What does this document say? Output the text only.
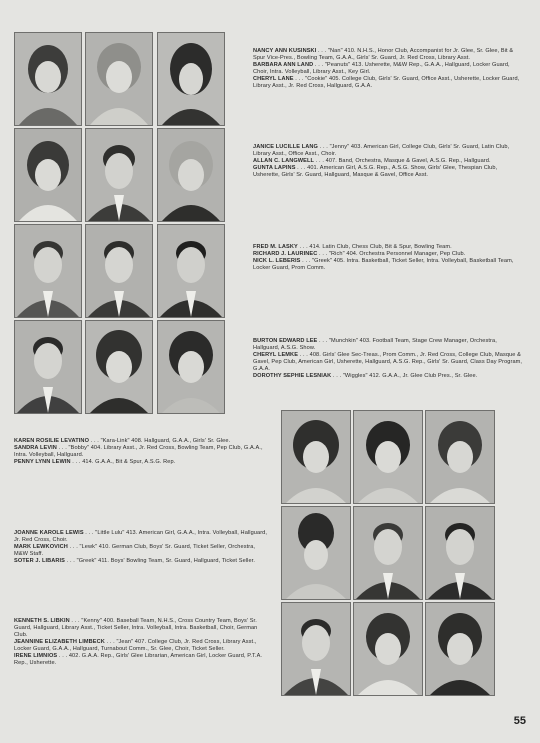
NANCY ANN KUSINSKI . . . "Nan" 410. N.H.S., Honor Club, Accompanist for Jr. Glee, Sr. Glee, Bit & Spur Vice-Pres., Bowling Team, G.A.A., Girls' Sr. Guard, Jr. Red Cross, Library Asst.

BARBARA ANN LAND . . . "Peanuts" 413. Usherette, M&W Rep., G.A.A., Hallguard, Locker Guard, Choir, Intra. Volleyball, Library Asst., Key Girl.

CHERYL LANE . . . "Cookie" 405. College Club, Girls' Sr. Guard, Office Asst., Usherette, Locker Guard, Library Asst., Jr. Red Cross, Hallguard, G.A.A.

JANICE LUCILLE LANG . . . "Jenny" 403. American Girl, College Club, Girls' Sr. Guard, Latin Club, Library Asst., Office Asst., Choir.

ALLAN C. LANGWELL . . . 407. Band, Orchestra, Masque & Gavel, A.S.G. Rep., Hallguard.

GUNTA LAPINS . . . 401. American Girl, A.S.G. Rep., A.S.G. Show, Girls' Glee, Thespian Club, Usherette, Girls' Sr. Guard, Hallguard, Masque & Gavel, Office Asst.

FRED M. LASKY . . . 414. Latin Club, Chess Club, Bit & Spur, Bowling Team.

RICHARD J. LAURINEC . . . "Rich" 404. Orchestra Personnel Manager, Pep Club.

NICK L. LEBERIS . . . "Greek" 405. Intra. Basketball, Ticket Seller, Intra. Volleyball, Basketball Team, Locker Guard, Prom Comm.

BURTON EDWARD LEE . . . "Munchkin" 403. Football Team, Stage Crew Manager, Orchestra, Hallguard, A.S.G. Show.

CHERYL LEMKE . . . 408. Girls' Glee Sec-Treas., Prom Comm., Jr. Red Cross, College Club, Masque & Gavel, Pep Club, American Girl, Usherette, Hallguard, A.S.G. Rep., Girls' Sr. Guard, Class Day Program, G.A.A.

DOROTHY SEPHIE LESNIAK . . . "Wiggles" 412. G.A.A., Jr. Glee Club Pres., Sr. Glee.

KAREN ROSILIE LEVATINO . . . "Kara-Link" 408. Hallguard, G.A.A., Girls' Sr. Glee.

SANDRA LEVIN . . . "Bobby" 404. Library Asst., Jr. Red Cross, Bowling Team, Pep Club, G.A.A., Intra. Volleyball, Hallguard.

PENNY LYNN LEWIN . . . 414. G.A.A., Bit & Spur, A.S.G. Rep.

JOANNE KAROLE LEWIS . . . "Little Lulu" 413. American Girl, G.A.A., Intra. Volleyball, Hallguard, Jr. Red Cross, Choir.

MARK LEWKOVICH . . . "Lewk" 410. German Club, Boys' Sr. Guard, Ticket Seller, Orchestra, M&W Staff.

SOTER J. LIBARIS . . . "Greek" 411. Boys' Bowling Team, Sr. Guard, Hallguard, Ticket Seller.

KENNETH S. LIBKIN . . . "Kenny" 400. Baseball Team, N.H.S., Cross Country Team, Boys' Sr. Guard, Hallguard, Library Asst., Ticket Seller, Intra. Volleyball, Intra. Basketball, Choir, German Club.

JEANNINE ELIZABETH LIMBECK . . . "Jean" 407. College Club, Jr. Red Cross, Library Asst., Locker Guard, G.A.A., Hallguard, Turnabout Comm., Sr. Glee, Choir, Ticket Seller.

IRENE LIMNIOS . . . 402. G.A.A. Rep., Girls' Glee Librarian, American Girl, Locker Guard, P.T.A. Rep., Usherette.

55
